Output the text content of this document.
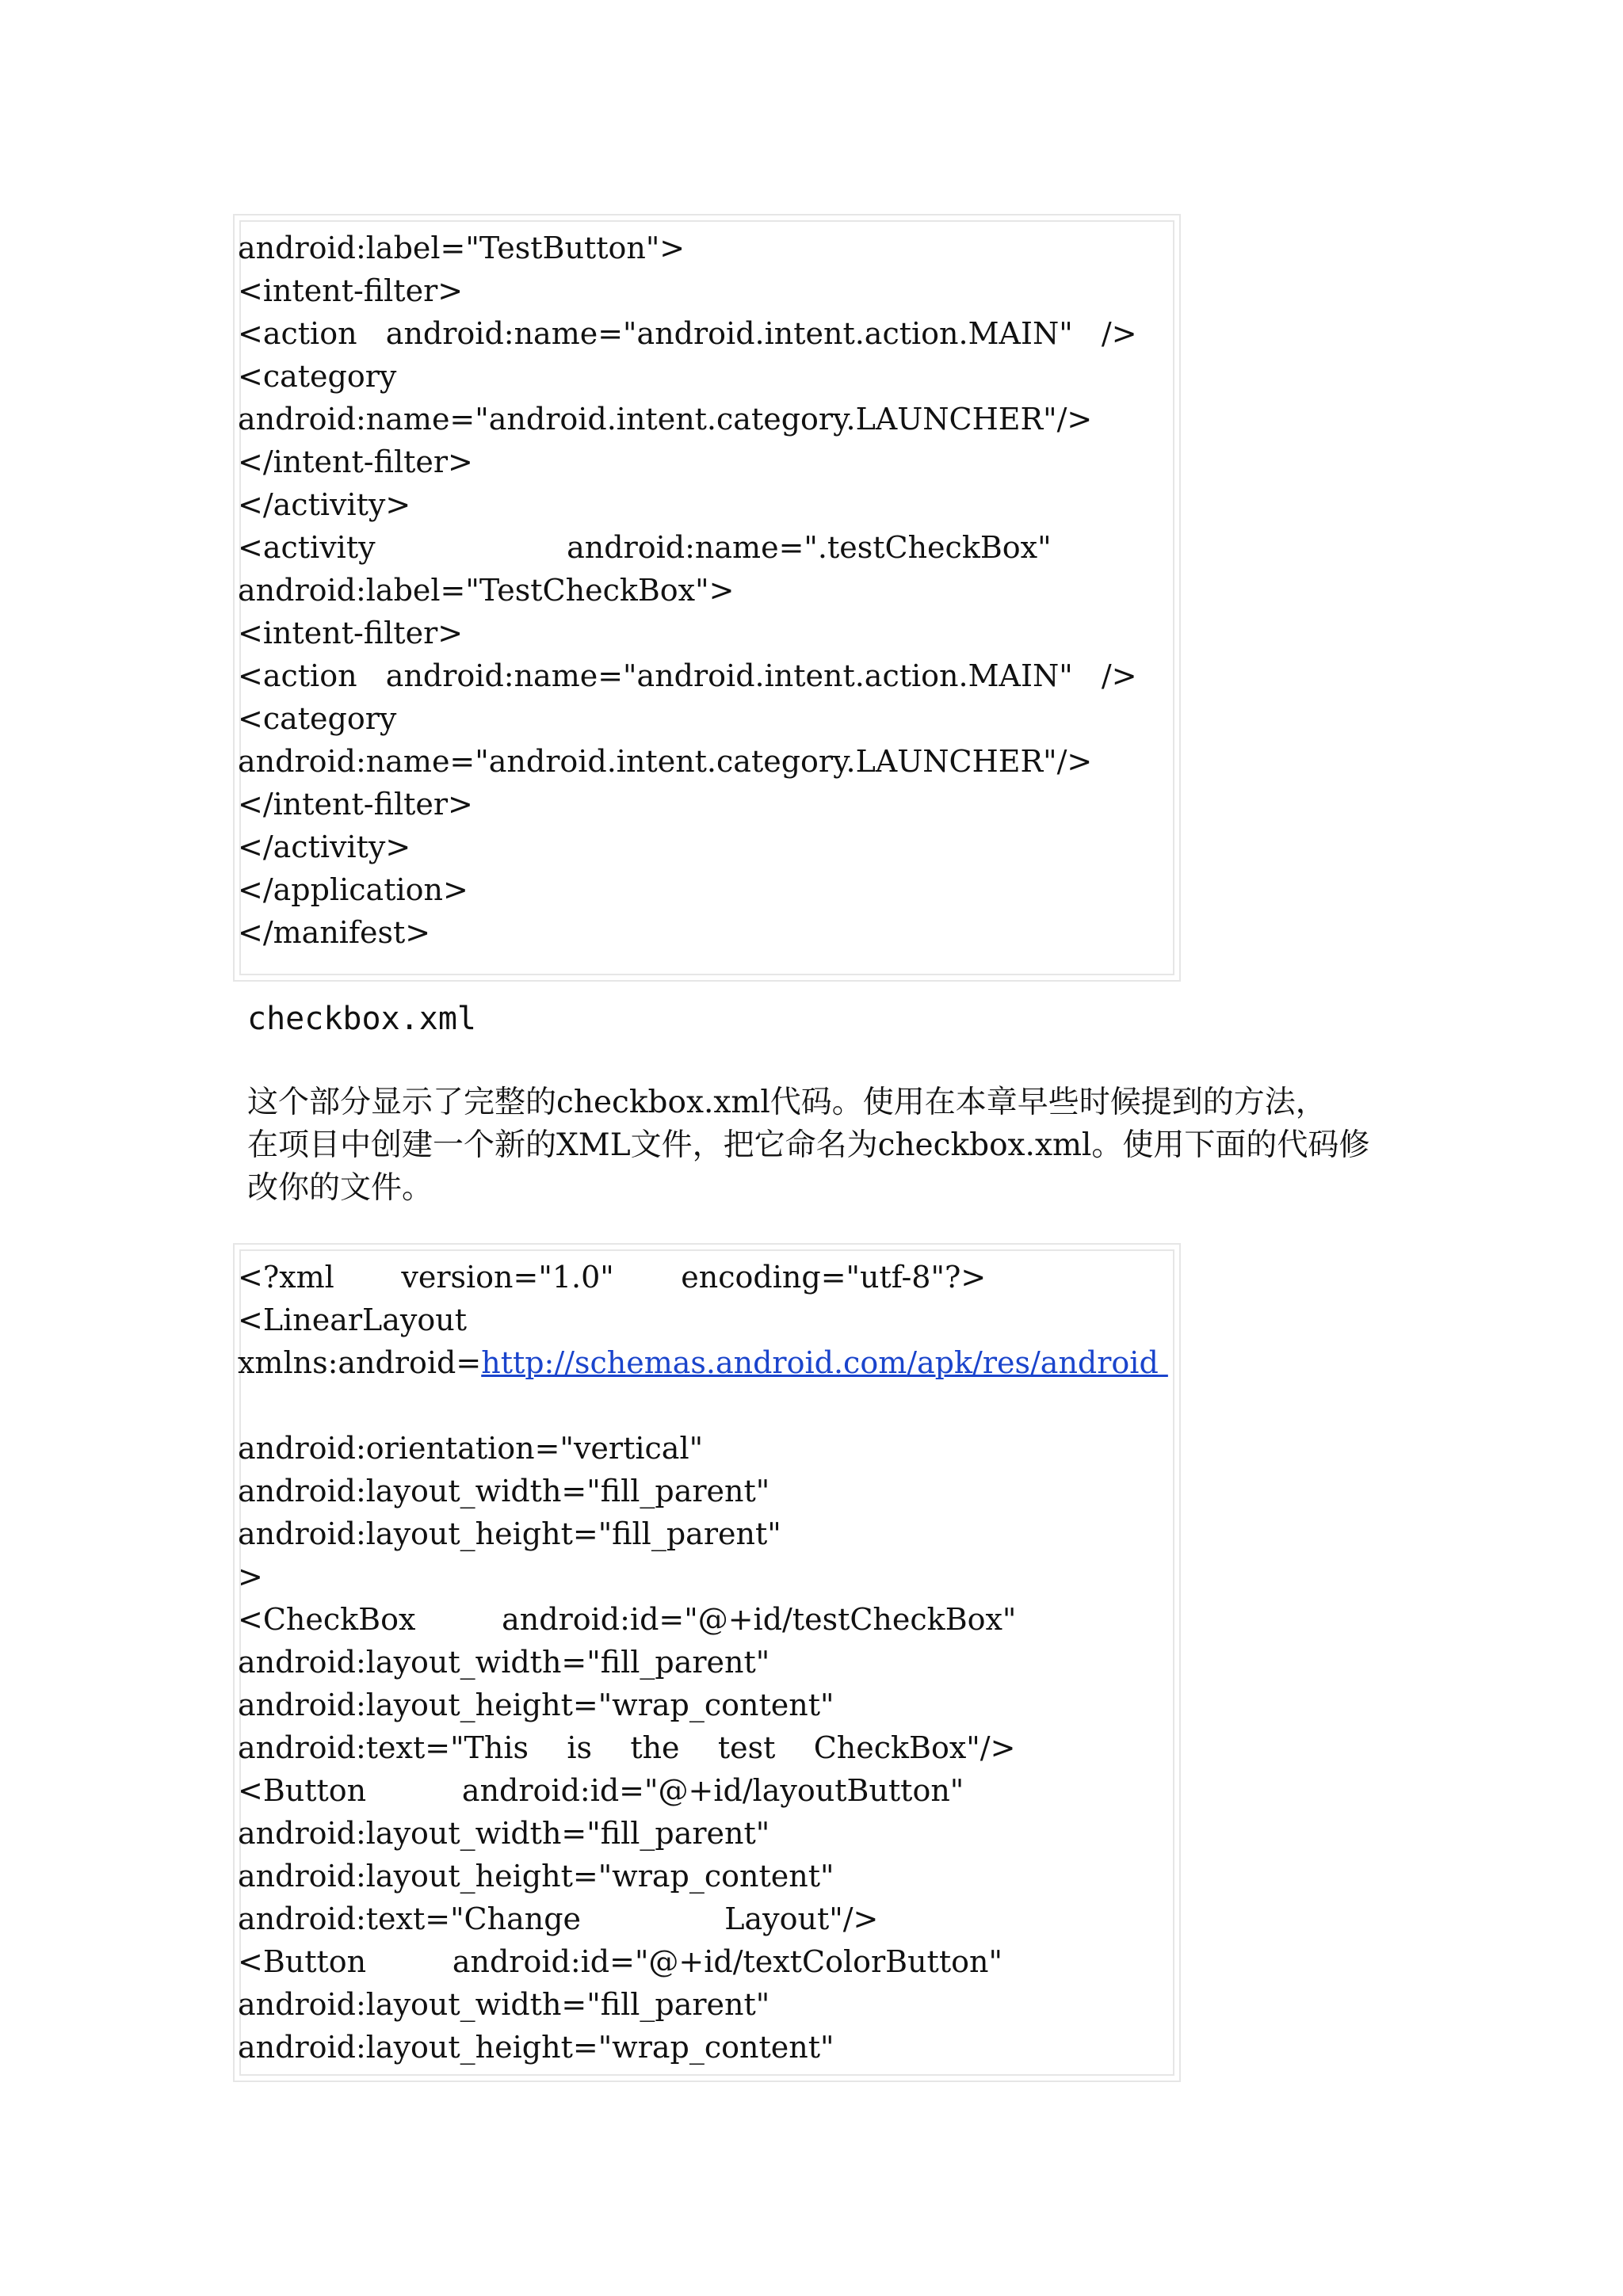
android:label="TestButton">
<intent-filter>
<action   android:name="android.intent.action.MAIN"   />
<category
android:name="android.intent.category.LAUNCHER"/>
</intent-filter>
</activity>
<activity                    android:name=".testCheckBox"
android:label="TestCheckBox">
<intent-filter>
<action   android:name="android.intent.action.MAIN"   />
<category
android:name="android.intent.category.LAUNCHER"/>
</intent-filter>
</activity>
</application>
</manifest>
checkbox.xml
这个部分显示了完整的checkbox.xml代码。使用在本章早些时候提到的方法，
在项目中创建一个新的XML文件，把它命名为checkbox.xml。使用下面的代码修
改你的文件。
<?xml       version="1.0"       encoding="utf-8"?>
<LinearLayout
xmlns:android=http://schemas.android.com/apk/res/android
android:orientation="vertical"
android:layout_width="fill_parent"
android:layout_height="fill_parent"
>
<CheckBox         android:id="@+id/testCheckBox"
android:layout_width="fill_parent"
android:layout_height="wrap_content"
android:text="This    is    the    test    CheckBox"/>
<Button          android:id="@+id/layoutButton"
android:layout_width="fill_parent"
android:layout_height="wrap_content"
android:text="Change               Layout"/>
<Button         android:id="@+id/textColorButton"
android:layout_width="fill_parent"
android:layout_height="wrap_content"
